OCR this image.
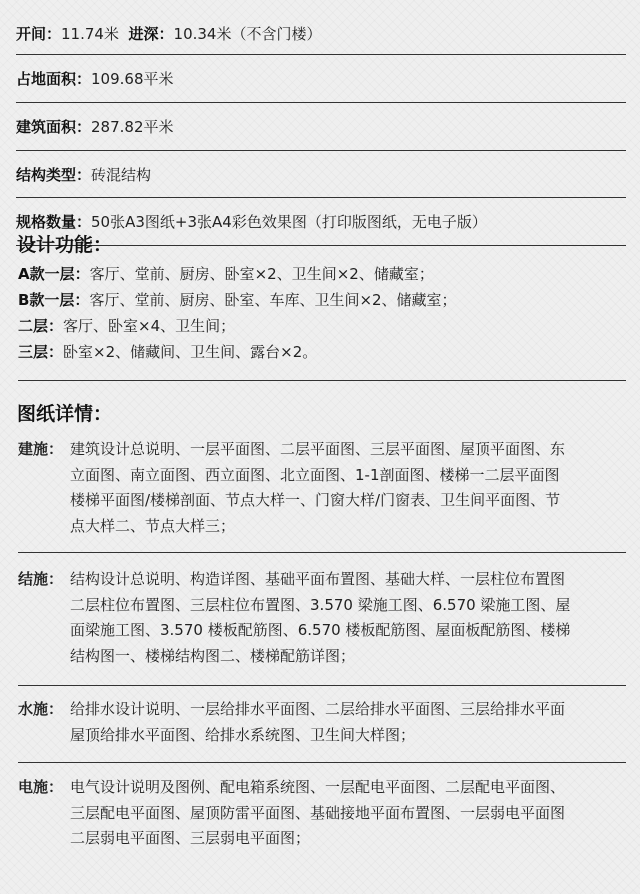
开间： 11.74米
进深： 10.34米（不含门楼）
占地面积： 109.68平米
建筑面积： 287.82平米
结构类型： 砖混结构
规格数量： 50张A3图纸+3张A4彩色效果图（打印版图纸，无电子版）
设计功能：
A款一层：客厅、堂前、厨房、卧室×2、卫生间×2、储藏室；
B款一层：客厅、堂前、厨房、卧室、车库、卫生间×2、储藏室；
二层：客厅、卧室×4、卫生间；
三层：卧室×2、储藏间、卫生间、露台×2。
图纸详情：
建施： 建筑设计总说明、一层平面图、二层平面图、三层平面图、屋顶平面图、东
立面图、南立面图、西立面图、北立面图、1-1剖面图、楼梯一二层平面图
楼梯平面图/楼梯剖面、节点大样一、门窗大样/门窗表、卫生间平面图、节
点大样二、节点大样三；
结施： 结构设计总说明、构造详图、基础平面布置图、基础大样、一层柱位布置图
二层柱位布置图、三层柱位布置图、3.570 梁施工图、6.570 梁施工图、屋
面梁施工图、3.570 楼板配筋图、6.570 楼板配筋图、屋面板配筋图、楼梯
结构图一、楼梯结构图二、楼梯配筋详图；
水施： 给排水设计说明、一层给排水平面图、二层给排水平面图、三层给排水平面
屋顶给排水平面图、给排水系统图、卫生间大样图；
电施： 电气设计说明及图例、配电箱系统图、一层配电平面图、二层配电平面图、
三层配电平面图、屋顶防雷平面图、基础接地平面布置图、一层弱电平面图
二层弱电平面图、三层弱电平面图；
